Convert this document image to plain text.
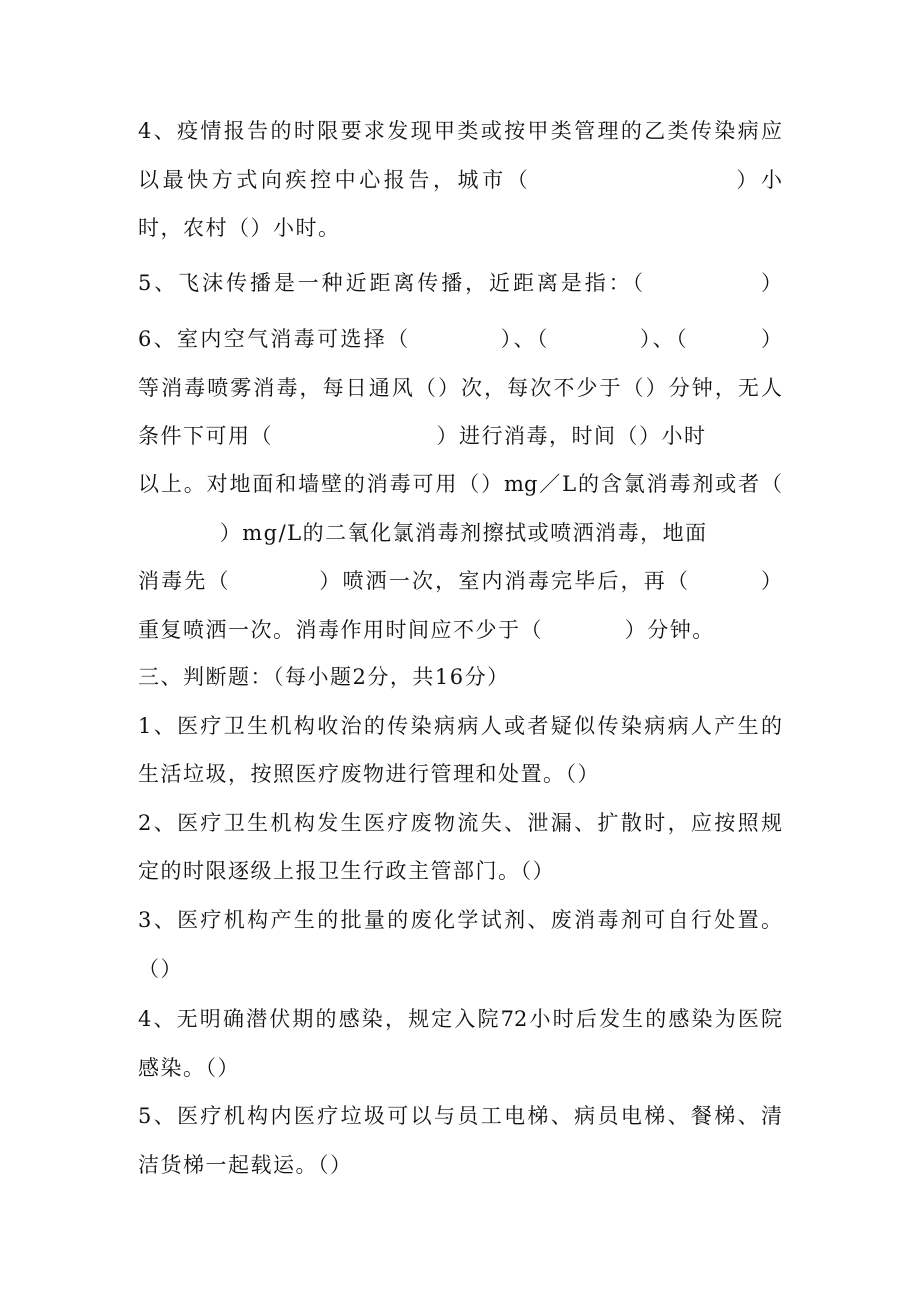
4、疫情报告的时限要求发现甲类或按甲类管理的乙类传染病应
以最快方式向疾控中心报告，城市（                    ）小
时，农村（）小时。
5、飞沫传播是一种近距离传播，近距离是指：（            ）
6、室内空气消毒可选择（          ）、（          ）、（        ）
等消毒喷雾消毒，每日通风（）次，每次不少于（）分钟，无人
条件下可用（                    ）进行消毒，时间（）小时
以上。对地面和墙壁的消毒可用（）mg／L的含氯消毒剂或者（
）mg/L的二氧化氯消毒剂擦拭或喷洒消毒，地面
消毒先（          ）喷洒一次，室内消毒完毕后，再（        ）
重复喷洒一次。消毒作用时间应不少于（          ）分钟。
三、判断题：（每小题2分，共16分）
1、医疗卫生机构收治的传染病病人或者疑似传染病病人产生的
生活垃圾，按照医疗废物进行管理和处置。（）
2、医疗卫生机构发生医疗废物流失、泄漏、扩散时，应按照规
定的时限逐级上报卫生行政主管部门。（）
3、医疗机构产生的批量的废化学试剂、废消毒剂可自行处置。
（）
4、无明确潜伏期的感染，规定入院72小时后发生的感染为医院
感染。（）
5、医疗机构内医疗垃圾可以与员工电梯、病员电梯、餐梯、清
洁货梯一起载运。（）
